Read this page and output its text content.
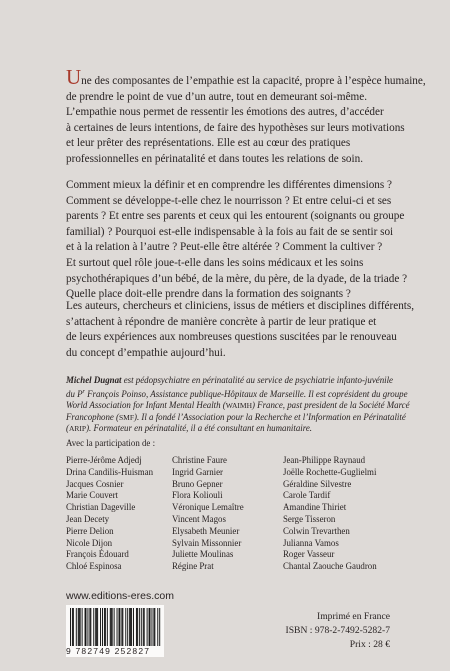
Une des composantes de l’empathie est la capacité, propre à l’espèce humaine,
de prendre le point de vue d’un autre, tout en demeurant soi-même.
L’empathie nous permet de ressentir les émotions des autres, d’accéder
à certaines de leurs intentions, de faire des hypothèses sur leurs motivations
et leur prêter des représentations. Elle est au cœur des pratiques
professionnelles en périnatalité et dans toutes les relations de soin.

Comment mieux la définir et en comprendre les différentes dimensions ?
Comment se développe-t-elle chez le nourrisson ? Et entre celui-ci et ses
parents ? Et entre ses parents et ceux qui les entourent (soignants ou groupe
familial) ? Pourquoi est-elle indispensable à la fois au fait de se sentir soi
et à la relation à l’autre ? Peut-elle être altérée ? Comment la cultiver ?
Et surtout quel rôle joue-t-elle dans les soins médicaux et les soins
psychothérapiques d’un bébé, de la mère, du père, de la dyade, de la triade ?
Quelle place doit-elle prendre dans la formation des soignants ?

Les auteurs, chercheurs et cliniciens, issus de métiers et disciplines différents,
s’attachent à répondre de manière concrète à partir de leur pratique et
de leurs expériences aux nombreuses questions suscitées par le renouveau
du concept d’empathie aujourd’hui.

Michel Dugnat est pédopsychiatre en périnatalité au service de psychiatrie infanto-juvénile
du $P^r$ François Poinso, Assistance publique-Hôpitaux de Marseille. Il est coprésident du groupe
World Association for Infant Mental Health (WAIMH) France, past president de la Société Marcé
Francophone (SMF). Il a fondé l’Association pour la Recherche et l’Information en Périnatalité
(ARIP). Formateur en périnatalité, il a été consultant en humanitaire.
Avec la participation de :
Pierre-Jérôme Adjedj
Drina Candilis-Huisman
Jacques Cosnier
Marie Couvert
Christian Dageville
Jean Decety
Pierre Delion
Nicole Dijon
François Édouard
Chloé Espinosa
Christine Faure
Ingrid Garnier
Bruno Gepner
Flora Koliouli
Véronique Lemaître
Vincent Magos
Elysabeth Meunier
Sylvain Missonnier
Juliette Moulinas
Régine Prat
Jean-Philippe Raynaud
Joëlle Rochette-Guglielmi
Géraldine Silvestre
Carole Tardif
Amandine Thiriet
Serge Tisseron
Colwin Trevarthen
Julianna Vamos
Roger Vasseur
Chantal Zaouche Gaudron
www.editions-eres.com
9 782749 252827
Imprimé en France
ISBN : 978-2-7492-5282-7
Prix : 28 €
